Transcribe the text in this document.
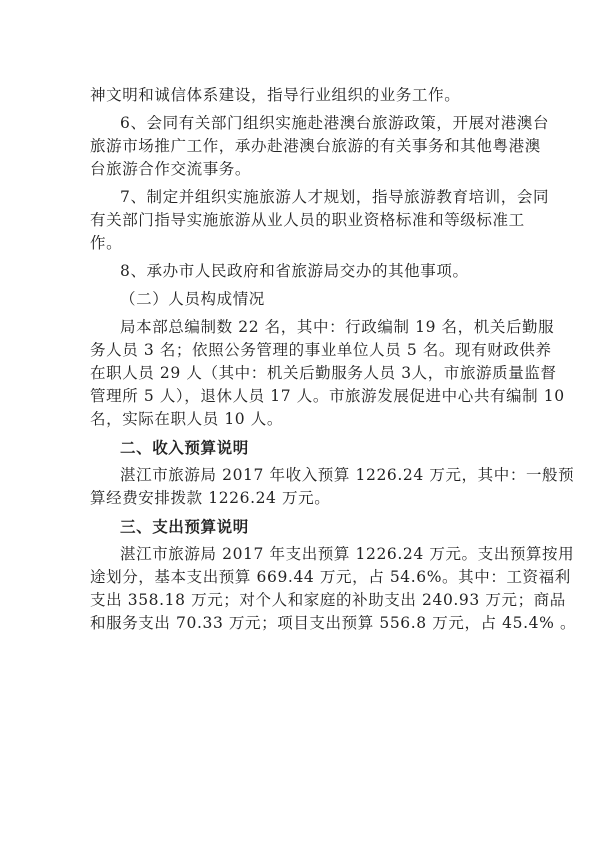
神文明和诚信体系建设，指导行业组织的业务工作。
6、会同有关部门组织实施赴港澳台旅游政策，开展对港澳台
旅游市场推广工作，承办赴港澳台旅游的有关事务和其他粤港澳
台旅游合作交流事务。
7、制定并组织实施旅游人才规划，指导旅游教育培训，会同
有关部门指导实施旅游从业人员的职业资格标准和等级标准工
作。
8、承办市人民政府和省旅游局交办的其他事项。
（二）人员构成情况
局本部总编制数 22 名，其中：行政编制 19 名，机关后勤服
务人员 3 名；依照公务管理的事业单位人员 5 名。现有财政供养
在职人员 29 人（其中：机关后勤服务人员 3人，市旅游质量监督
管理所 5 人），退休人员 17 人。市旅游发展促进中心共有编制 10
名，实际在职人员 10 人。
二、收入预算说明
湛江市旅游局 2017 年收入预算 1226.24 万元，其中：一般预
算经费安排拨款 1226.24 万元。
三、支出预算说明
湛江市旅游局 2017 年支出预算 1226.24 万元。支出预算按用
途划分，基本支出预算 669.44 万元，占 54.6%。其中：工资福利
支出 358.18 万元；对个人和家庭的补助支出 240.93 万元；商品
和服务支出 70.33 万元；项目支出预算 556.8 万元，占 45.4% 。
